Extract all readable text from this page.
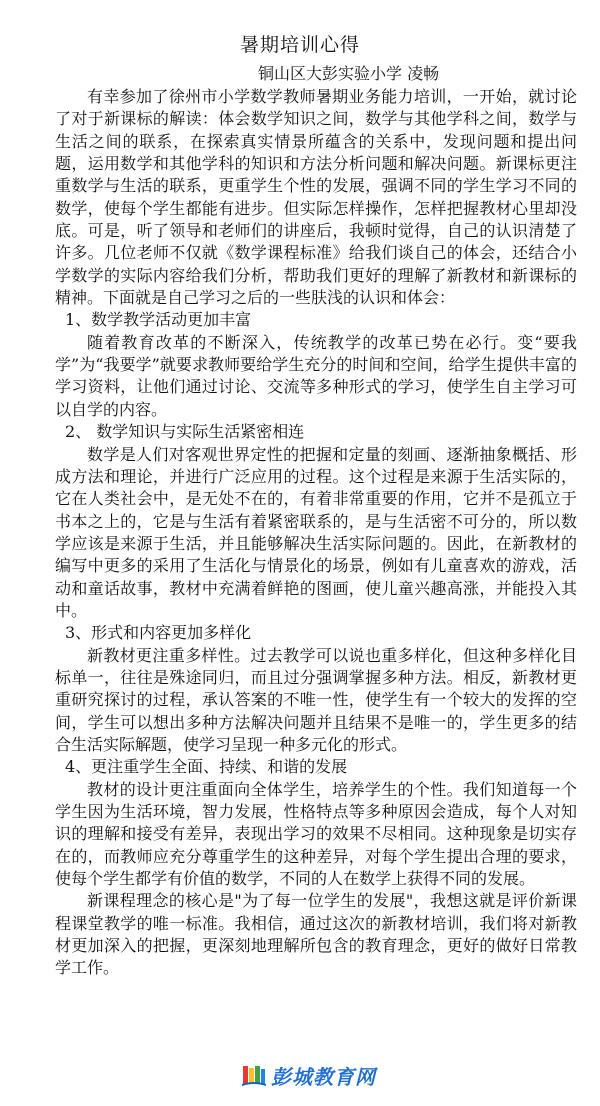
暑期培训心得
铜山区大彭实验小学 凌畅

有幸参加了徐州市小学数学教师暑期业务能力培训，一开始，就讨论了对于新课标的解读：体会数学知识之间，数学与其他学科之间，数学与生活之间的联系，在探索真实情景所蕴含的关系中，发现问题和提出问题，运用数学和其他学科的知识和方法分析问题和解决问题。新课标更注重数学与生活的联系，更重学生个性的发展，强调不同的学生学习不同的数学，使每个学生都能有进步。但实际怎样操作，怎样把握教材心里却没底。可是，听了领导和老师们的讲座后，我顿时觉得，自己的认识清楚了许多。几位老师不仅就《数学课程标准》给我们谈自己的体会，还结合小学数学的实际内容给我们分析，帮助我们更好的理解了新教材和新课标的精神。下面就是自己学习之后的一些肤浅的认识和体会：

1、数学教学活动更加丰富

随着教育改革的不断深入，传统教学的改革已势在必行。变“要我学”为“我要学”就要求教师要给学生充分的时间和空间，给学生提供丰富的学习资料，让他们通过讨论、交流等多种形式的学习，使学生自主学习可以自学的内容。

2、 数学知识与实际生活紧密相连

数学是人们对客观世界定性的把握和定量的刻画、逐渐抽象概括、形成方法和理论，并进行广泛应用的过程。这个过程是来源于生活实际的，它在人类社会中，是无处不在的，有着非常重要的作用，它并不是孤立于书本之上的，它是与生活有着紧密联系的，是与生活密不可分的，所以数学应该是来源于生活，并且能够解决生活实际问题的。因此，在新教材的编写中更多的采用了生活化与情景化的场景，例如有儿童喜欢的游戏，活动和童话故事，教材中充满着鲜艳的图画，使儿童兴趣高涨，并能投入其中。

3、形式和内容更加多样化

新教材更注重多样性。过去教学可以说也重多样化，但这种多样化目标单一，往往是殊途同归，而且过分强调掌握多种方法。相反，新教材更重研究探讨的过程，承认答案的不唯一性，使学生有一个较大的发挥的空间，学生可以想出多种方法解决问题并且结果不是唯一的，学生更多的结合生活实际解题，使学习呈现一种多元化的形式。

4、更注重学生全面、持续、和谐的发展

教材的设计更注重面向全体学生，培养学生的个性。我们知道每一个学生因为生活环境，智力发展，性格特点等多种原因会造成，每个人对知识的理解和接受有差异，表现出学习的效果不尽相同。这种现象是切实存在的，而教师应充分尊重学生的这种差异，对每个学生提出合理的要求，使每个学生都学有价值的数学，不同的人在数学上获得不同的发展。

新课程理念的核心是"为了每一位学生的发展"，我想这就是评价新课程课堂教学的唯一标准。我相信，通过这次的新教材培训，我们将对新教材更加深入的把握，更深刻地理解所包含的教育理念，更好的做好日常教学工作。

彭城教育网
